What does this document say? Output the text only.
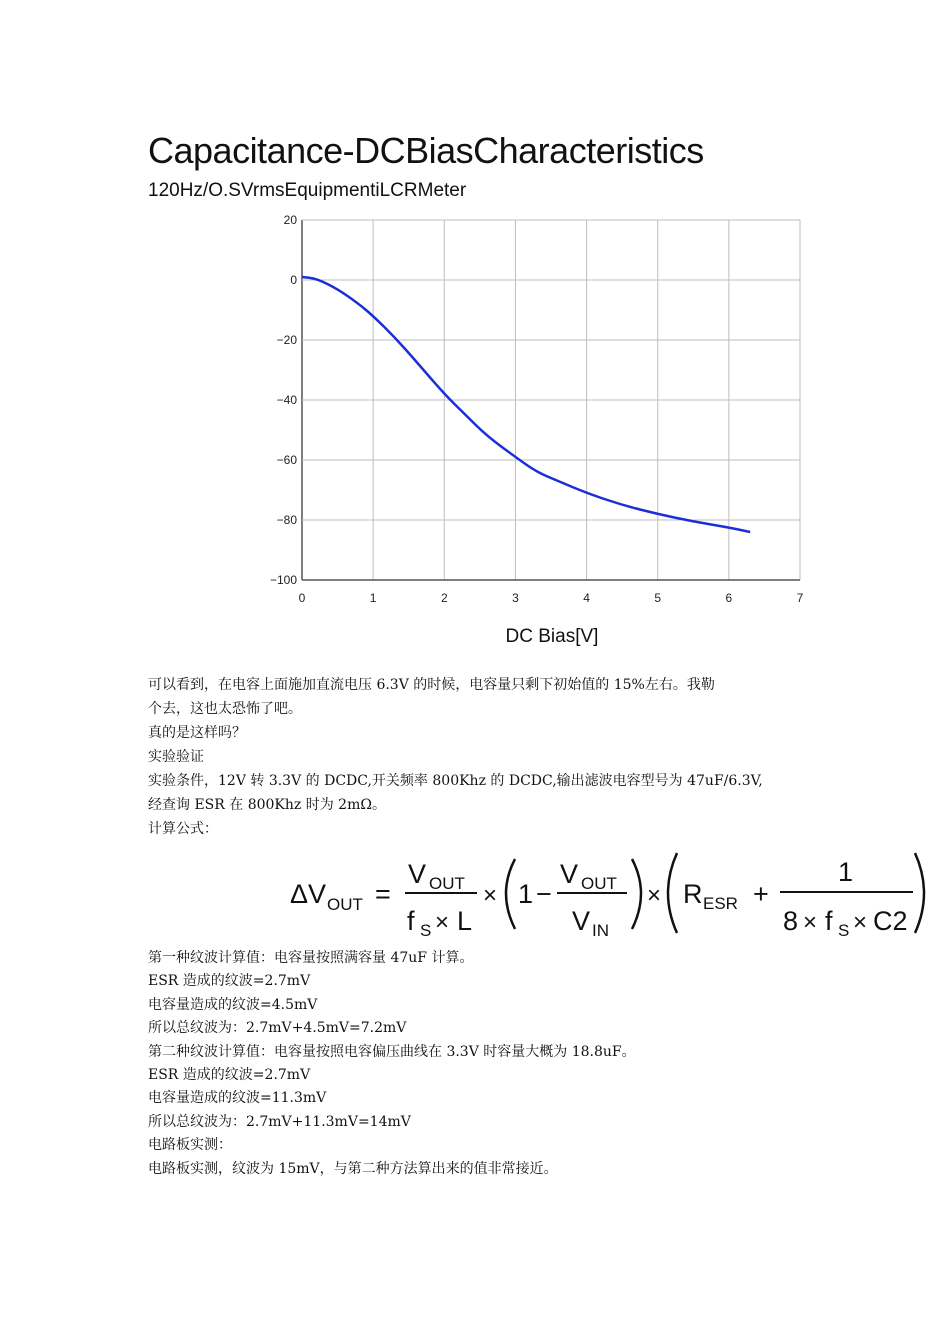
Capacitance-DCBiasCharacteristics
120Hz/O.SVrmsEquipmentiLCRMeter
0	1	2	3	4	5	6	7
20
0
−20
−40
−60
−80
−100
DC Bias[V]
可以看到，在电容上面施加直流电压 6.3V 的时候，电容量只剩下初始值的 15%左右。我勒
个去，这也太恐怖了吧。
真的是这样吗？
实验验证
实验条件，12V 转 3.3V 的 DCDC,开关频率 800Khz 的 DCDC,输出滤波电容型号为 47uF/6.3V,
经查询 ESR 在 800Khz 时为 2mΩ。
计算公式：
ΔV OUT =
V OUT
f S × L
× 1 −
V OUT
V IN
× R ESR +
1
8 × f S × C2
第一种纹波计算值：电容量按照满容量 47uF 计算。
ESR 造成的纹波=2.7mV
电容量造成的纹波=4.5mV
所以总纹波为：2.7mV+4.5mV=7.2mV
第二种纹波计算值：电容量按照电容偏压曲线在 3.3V 时容量大概为 18.8uF。
ESR 造成的纹波=2.7mV
电容量造成的纹波=11.3mV
所以总纹波为：2.7mV+11.3mV=14mV
电路板实测：
电路板实测，纹波为 15mV，与第二种方法算出来的值非常接近。
